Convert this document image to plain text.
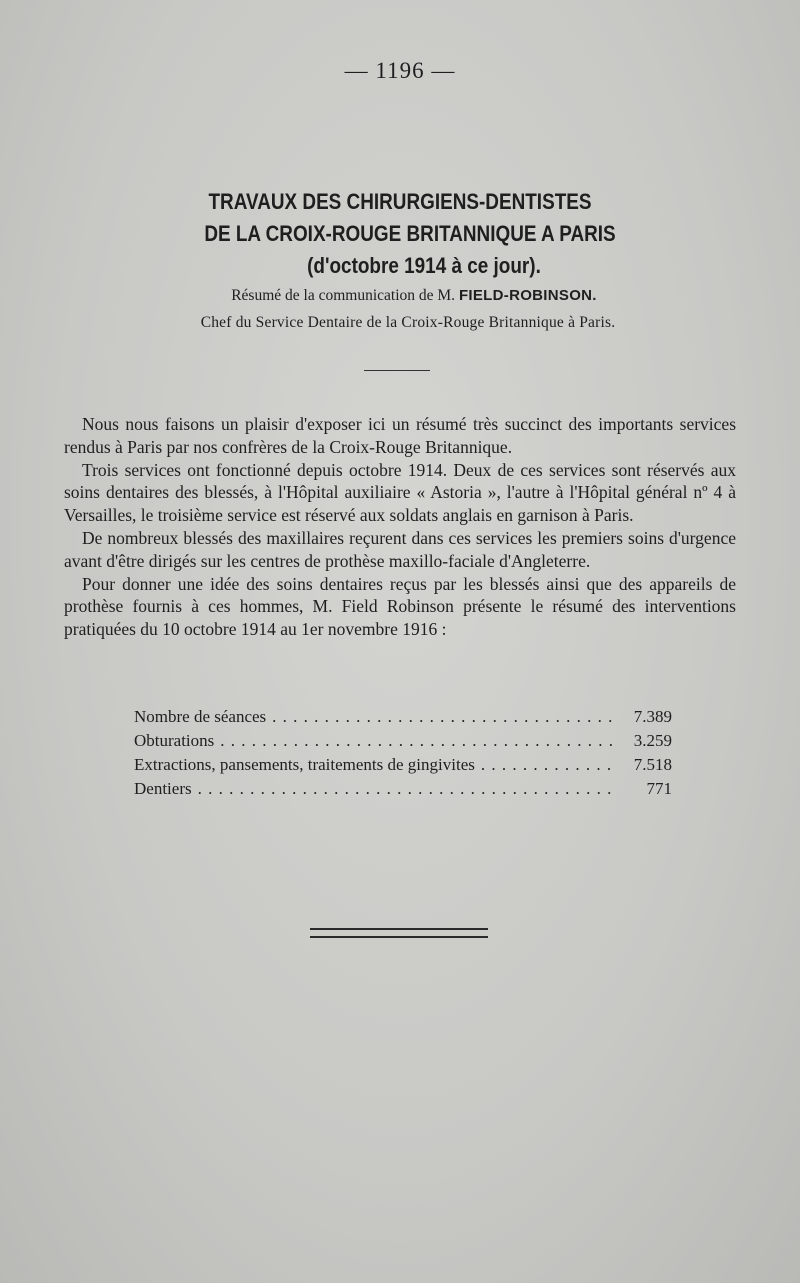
— 1196 —
TRAVAUX DES CHIRURGIENS-DENTISTES
DE LA CROIX-ROUGE BRITANNIQUE A PARIS
(d'octobre 1914 à ce jour).
Résumé de la communication de M. FIELD-ROBINSON.
Chef du Service Dentaire de la Croix-Rouge Britannique à Paris.

Nous nous faisons un plaisir d'exposer ici un résumé très succinct des importants services rendus à Paris par nos confrères de la Croix-Rouge Britannique.

Trois services ont fonctionné depuis octobre 1914. Deux de ces services sont réservés aux soins dentaires des blessés, à l'Hôpital auxiliaire « Astoria », l'autre à l'Hôpital général nº 4 à Versailles, le troisième service est réservé aux soldats anglais en garnison à Paris.

De nombreux blessés des maxillaires reçurent dans ces services les premiers soins d'urgence avant d'être dirigés sur les centres de prothèse maxillo-faciale d'Angleterre.

Pour donner une idée des soins dentaires reçus par les blessés ainsi que des appareils de prothèse fournis à ces hommes, M. Field Robinson présente le résumé des interventions pratiquées du 10 octobre 1914 au 1er novembre 1916 :

Nombre de séances . . .	7.389
Obturations . . .	3.259
Extractions, pansements, traitements de gingivites . . .	7.518
Dentiers . . .	771
